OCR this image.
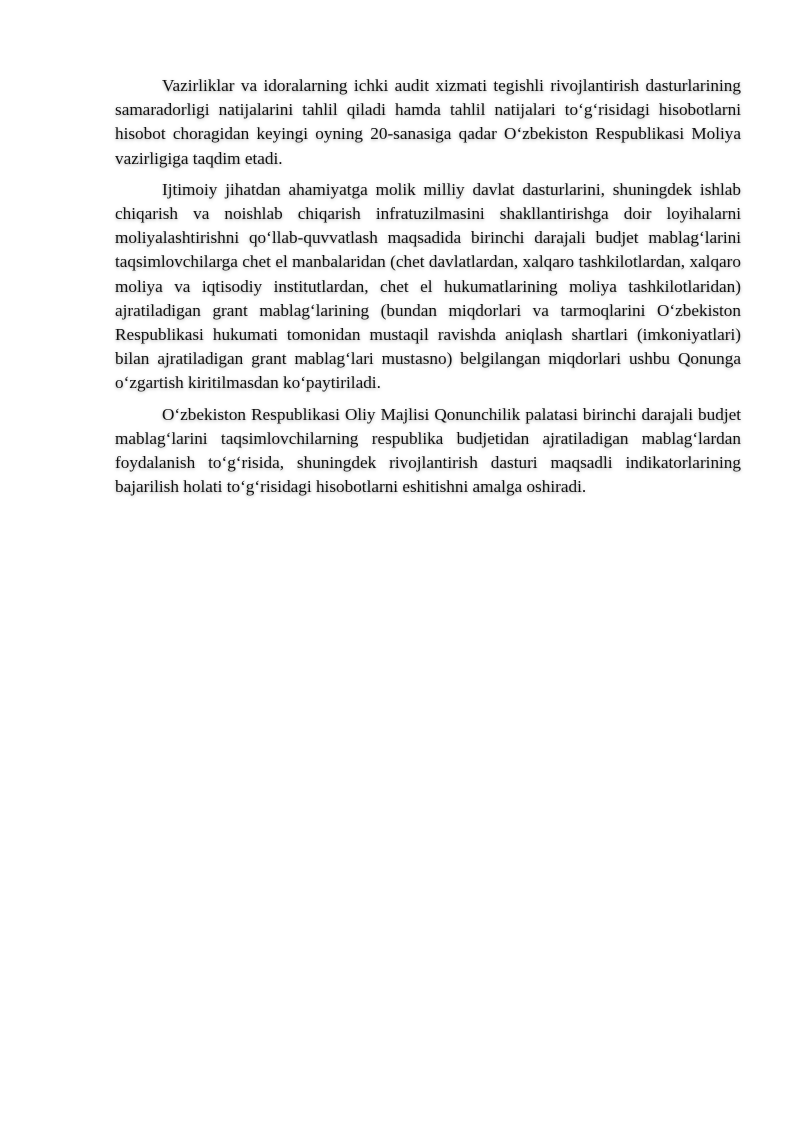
Vazirliklar va idoralarning ichki audit xizmati tegishli rivojlantirish dasturlarining samaradorligi natijalarini tahlil qiladi hamda tahlil natijalari to‘g‘risidagi hisobotlarni hisobot choragidan keyingi oyning 20-sanasiga qadar O‘zbekiston Respublikasi Moliya vazirligiga taqdim etadi.

Ijtimoiy jihatdan ahamiyatga molik milliy davlat dasturlarini, shuningdek ishlab chiqarish va noishlab chiqarish infratuzilmasini shakllantirishga doir loyihalarni moliyalashtirishni qo‘llab-quvvatlash maqsadida birinchi darajali budjet mablag‘larini taqsimlovchilarga chet el manbalaridan (chet davlatlardan, xalqaro tashkilotlardan, xalqaro moliya va iqtisodiy institutlardan, chet el hukumatlarining moliya tashkilotlaridan) ajratiladigan grant mablag‘larining (bundan miqdorlari va tarmoqlarini O‘zbekiston Respublikasi hukumati tomonidan mustaqil ravishda aniqlash shartlari (imkoniyatlari) bilan ajratiladigan grant mablag‘lari mustasno) belgilangan miqdorlari ushbu Qonunga o‘zgartish kiritilmasdan ko‘paytiriladi.

O‘zbekiston Respublikasi Oliy Majlisi Qonunchilik palatasi birinchi darajali budjet mablag‘larini taqsimlovchilarning respublika budjetidan ajratiladigan mablag‘lardan foydalanish to‘g‘risida, shuningdek rivojlantirish dasturi maqsadli indikatorlarining bajarilish holati to‘g‘risidagi hisobotlarni eshitishni amalga oshiradi.
